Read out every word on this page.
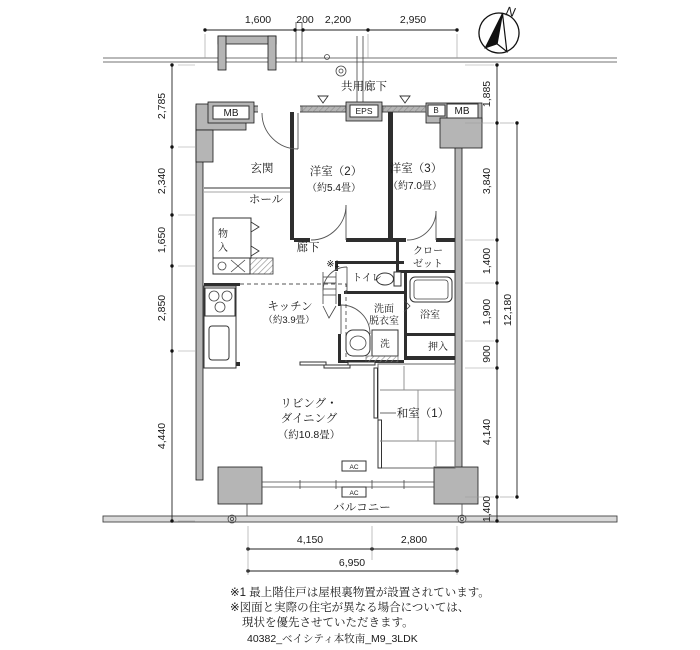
N
MB	EPS	B MB
AC
AC
共用廊下
玄関
ホール
物
入
洋室（2）
（約5.4畳）
洋室（3）
（約7.0畳）
クロー
ゼット
廊下
※1
トイレ
キッチン
（約3.9畳）
洗面
脱衣室
浴室
洗	押入
リビング・
ダイニング
（約10.8畳）
和室（1）
バルコニー
1,600 200 2,200	2,950
2,785
2,340
1,650
2,850
4,440
1,885
3,840
1,400
1,900
900
4,140
1,400
12,180
4,150	2,800
6,950
※1 最上階住戸は屋根裏物置が設置されています。
※図面と実際の住宅が異なる場合については、
現状を優先させていただきます。
40382_ベイシティ本牧南_M9_3LDK
